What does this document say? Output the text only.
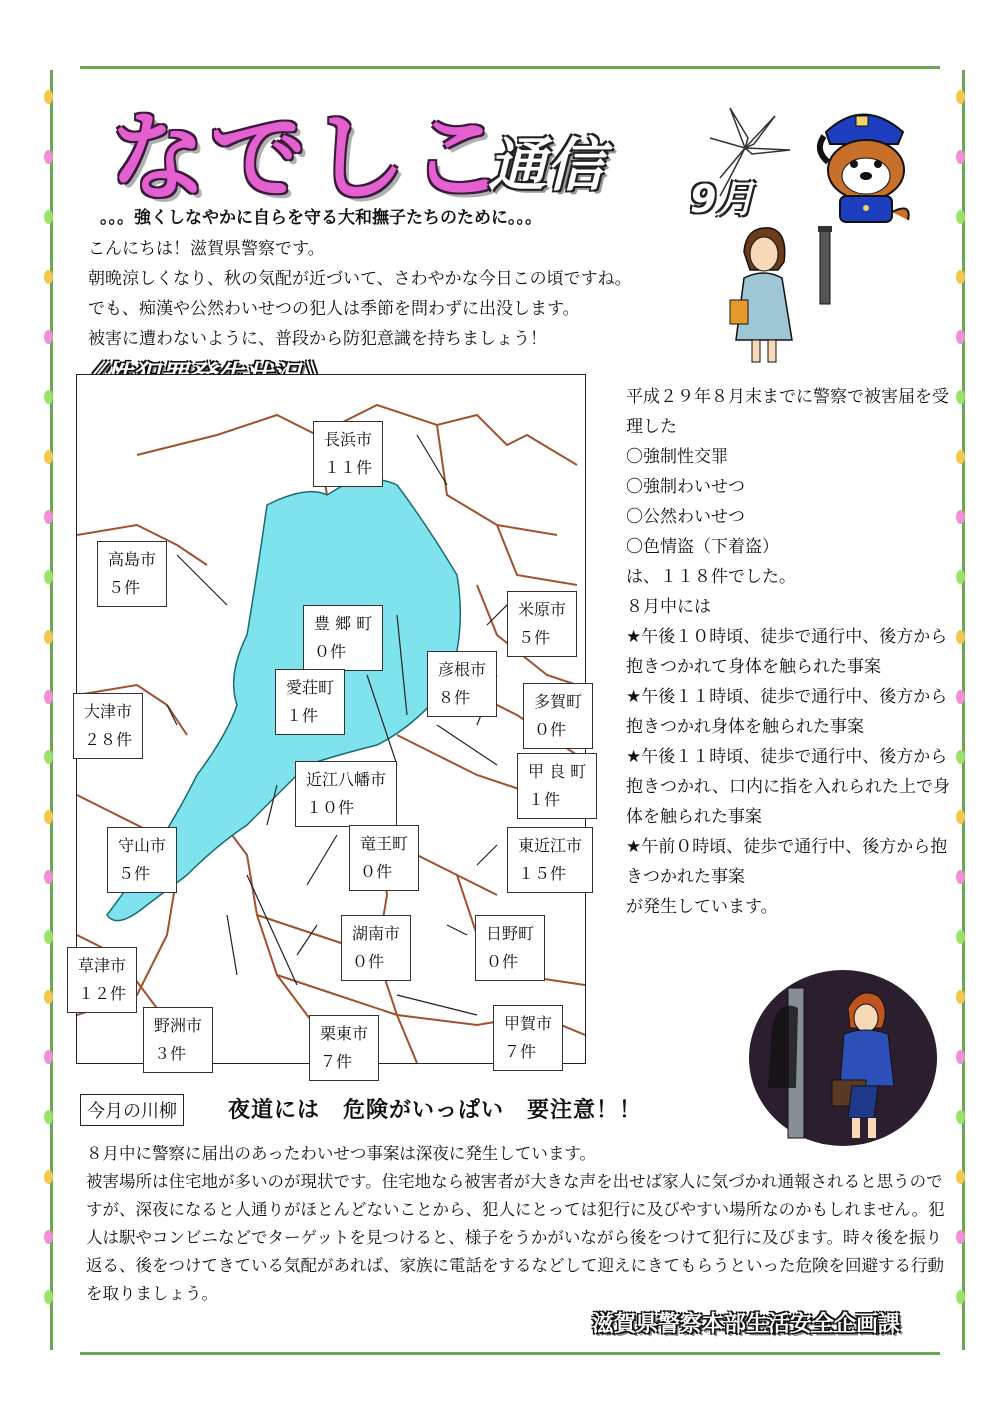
なでしこ
通信 9月
。。。強くしなやかに自らを守る大和撫子たちのために。。。
こんにちは！滋賀県警察です。
朝晩涼しくなり、秋の気配が近づいて、さわやかな今日この頃ですね。
でも、痴漢や公然わいせつの犯人は季節を問わずに出没します。
被害に遭わないように、普段から防犯意識を持ちましょう！
長浜市
１１件
高島市
５件
米原市
５件
豊 郷 町
０件
彦根市
８件
愛荘町
１件
多賀町
０件
大津市
２８件
甲 良 町
１件
近江八幡市
１０件
守山市
５件
竜王町
０件
東近江市
１５件
湖南市
０件
日野町
０件
草津市
１２件
野洲市
３件
栗東市
７件
甲賀市
７件
平成２９年８月末までに警察で被害届を受理した
〇強制性交罪
〇強制わいせつ
〇公然わいせつ
〇色情盗（下着盗）
は、１１８件でした。
８月中には
★午後１０時頃、徒歩で通行中、後方から抱きつかれて身体を触られた事案
★午後１１時頃、徒歩で通行中、後方から抱きつかれ身体を触られた事案
★午後１１時頃、徒歩で通行中、後方から抱きつかれ、口内に指を入れられた上で身体を触られた事案
★午前０時頃、徒歩で通行中、後方から抱きつかれた事案
が発生しています。
今月の川柳	夜道には　危険がいっぱい　要注意！！
８月中に警察に届出のあったわいせつ事案は深夜に発生しています。
被害場所は住宅地が多いのが現状です。住宅地なら被害者が大きな声を出せば家人に気づかれ通報されると思うのですが、深夜になると人通りがほとんどないことから、犯人にとっては犯行に及びやすい場所なのかもしれません。犯人は駅やコンビニなどでターゲットを見つけると、様子をうかがいながら後をつけて犯行に及びます。時々後を振り返る、後をつけてきている気配があれば、家族に電話をするなどして迎えにきてもらうといった危険を回避する行動を取りましょう。
滋賀県警察本部生活安全企画課
